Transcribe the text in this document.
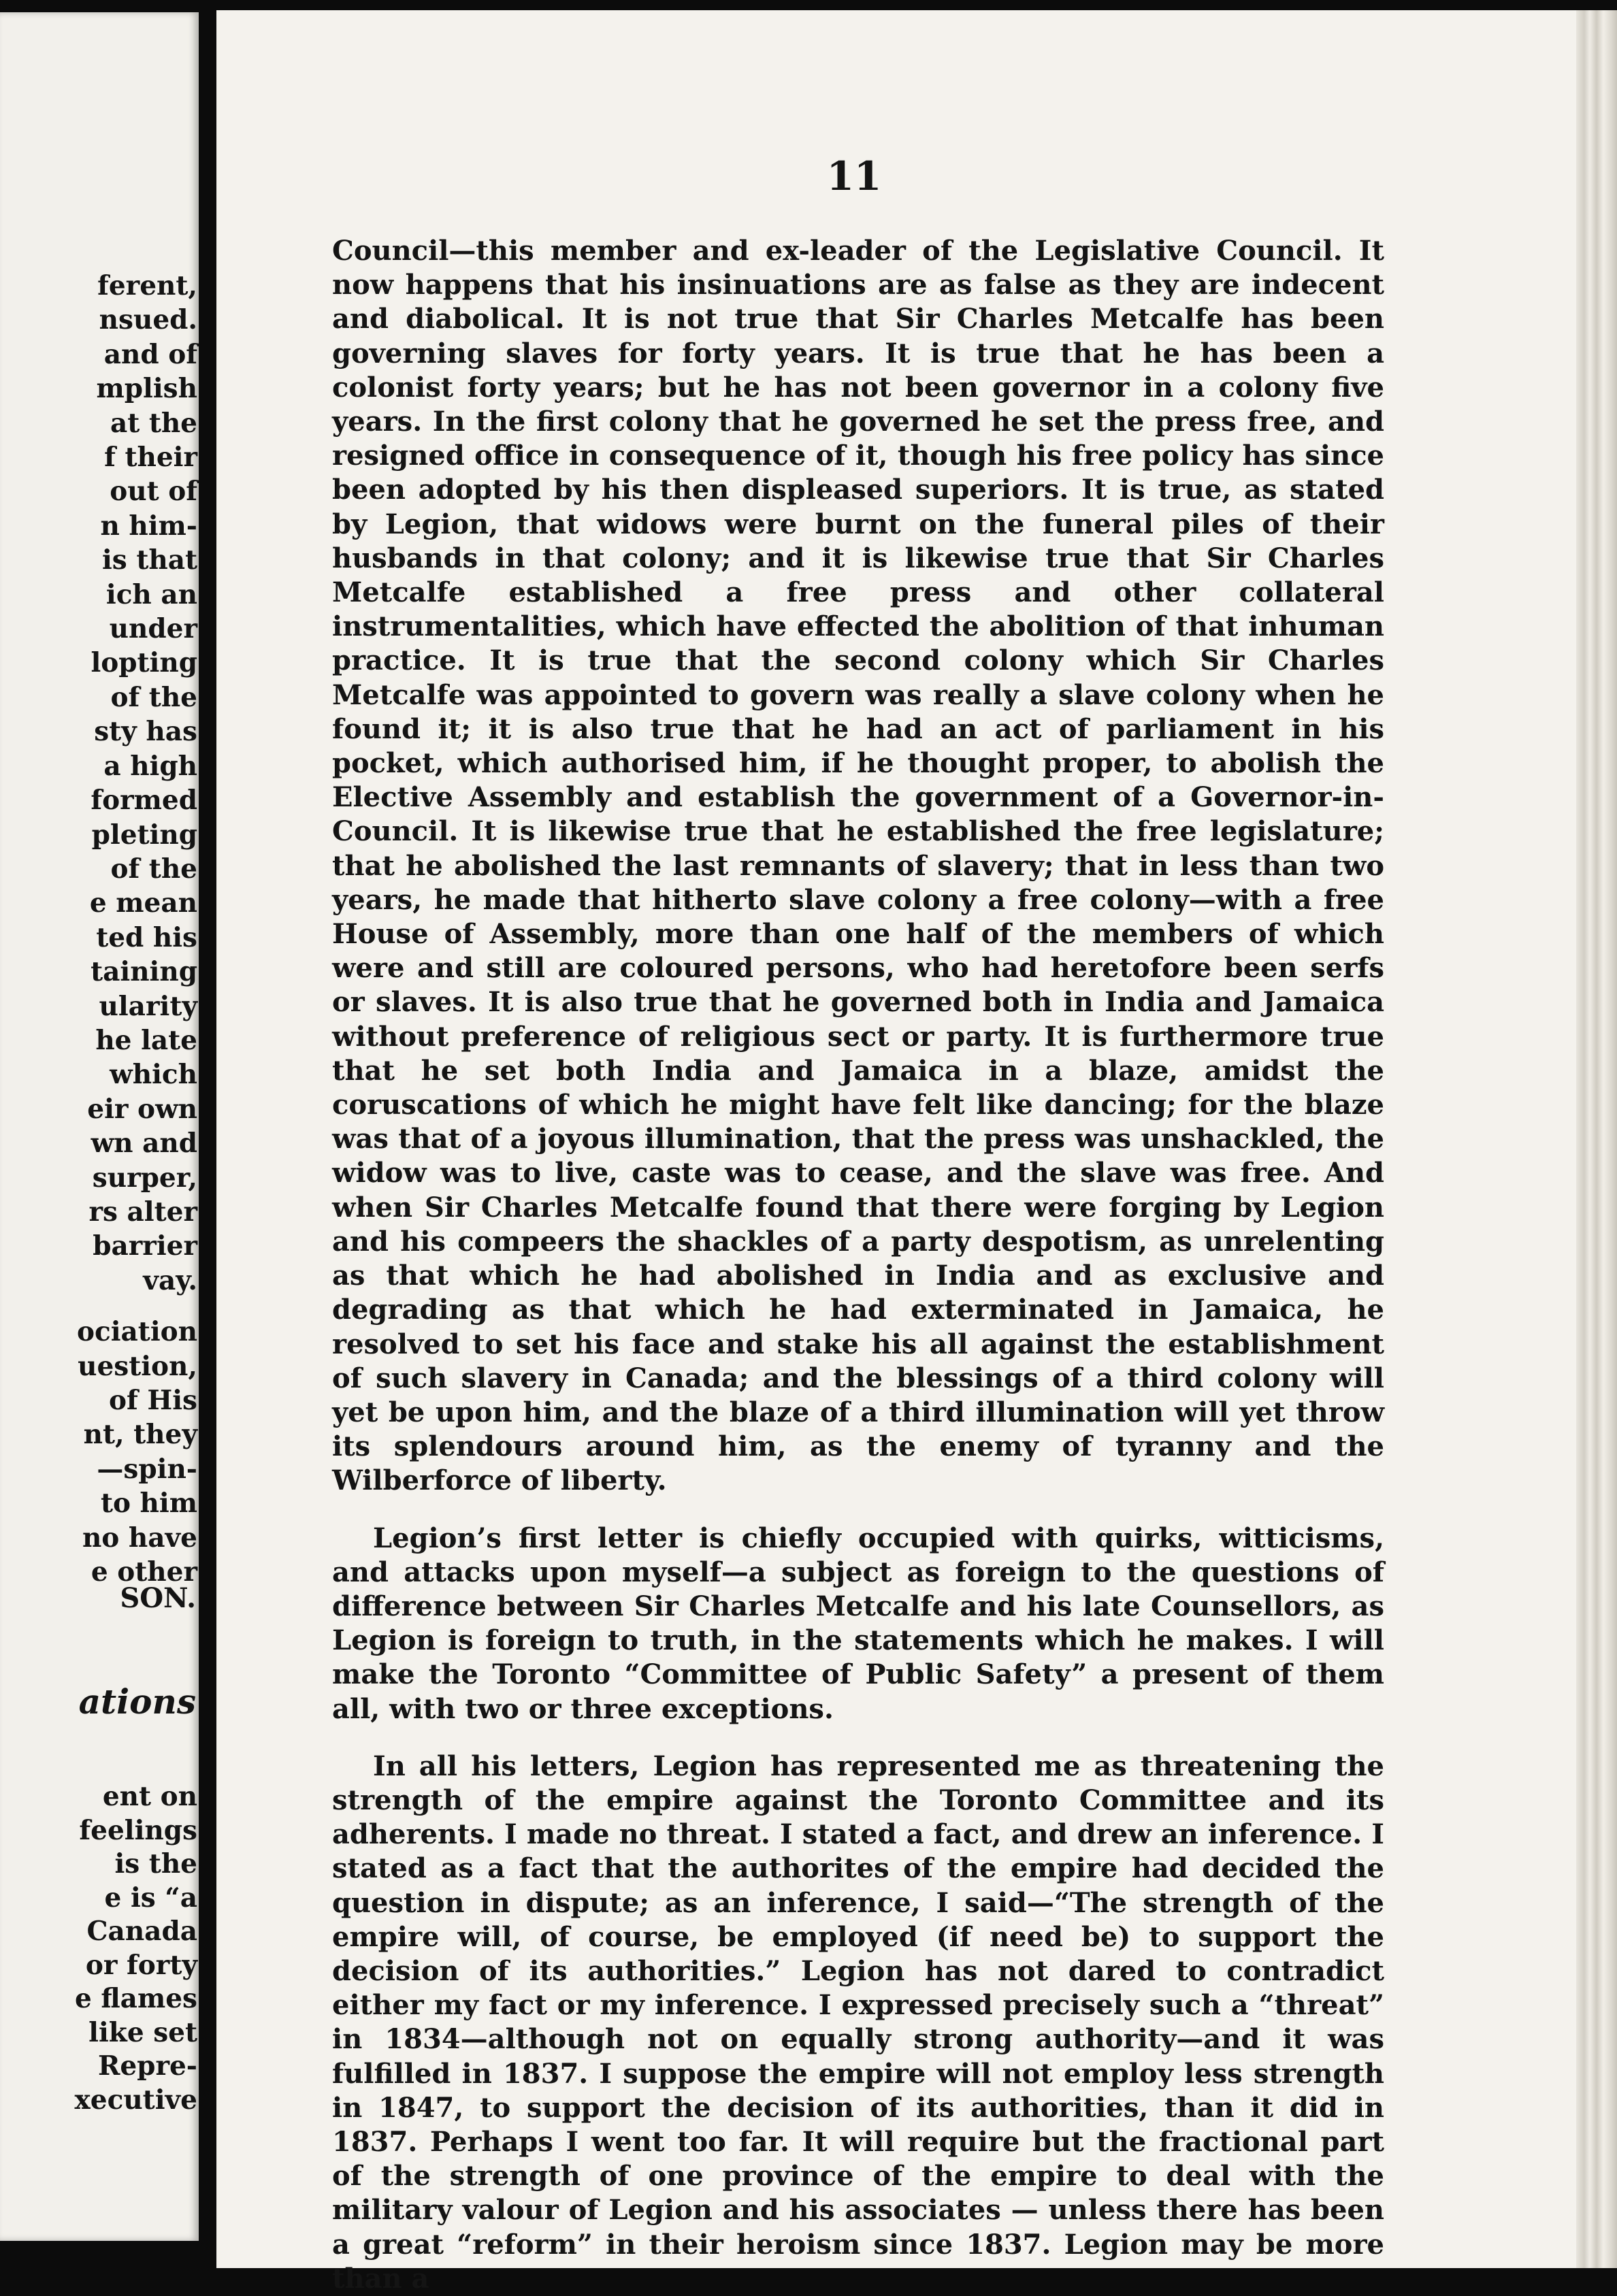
ferent,
nsued.
and of
mplish
at the
f their
out of
n him-
is that
ich an
under
lopting
of the
sty has
a high
formed
pleting
of the
e mean
ted his
taining
ularity
he late
which
eir own
wn and
surper,
rs alter
barrier
vay.
ociation
uestion,
of His
nt, they
—spin-
to him
no have
e other
SON.
ations
ent on
feelings
is the
e is “a
Canada
or forty
e flames
like set
Repre-
xecutive
11

Council—this member and ex-leader of the Legislative Council. It now happens that his insinuations are as false as they are indecent and diabolical. It is not true that Sir Charles Metcalfe has been governing slaves for forty years. It is true that he has been a colonist forty years; but he has not been governor in a colony five years. In the first colony that he governed he set the press free, and resigned office in consequence of it, though his free policy has since been adopted by his then displeased superiors. It is true, as stated by Legion, that widows were burnt on the funeral piles of their husbands in that colony; and it is likewise true that Sir Charles Metcalfe established a free press and other collateral instrumentalities, which have effected the abolition of that inhuman practice. It is true that the second colony which Sir Charles Metcalfe was appointed to govern was really a slave colony when he found it; it is also true that he had an act of parliament in his pocket, which authorised him, if he thought proper, to abolish the Elective Assembly and establish the government of a Governor-in-Council. It is likewise true that he established the free legislature; that he abolished the last remnants of slavery; that in less than two years, he made that hitherto slave colony a free colony—with a free House of Assembly, more than one half of the members of which were and still are coloured persons, who had heretofore been serfs or slaves. It is also true that he governed both in India and Jamaica without preference of religious sect or party. It is furthermore true that he set both India and Jamaica in a blaze, amidst the coruscations of which he might have felt like dancing; for the blaze was that of a joyous illumination, that the press was unshackled, the widow was to live, caste was to cease, and the slave was free. And when Sir Charles Metcalfe found that there were forging by Legion and his compeers the shackles of a party despotism, as unrelenting as that which he had abolished in India and as exclusive and degrading as that which he had exterminated in Jamaica, he resolved to set his face and stake his all against the establishment of such slavery in Canada; and the blessings of a third colony will yet be upon him, and the blaze of a third illumination will yet throw its splendours around him, as the enemy of tyranny and the Wilberforce of liberty.

Legion’s first letter is chiefly occupied with quirks, witticisms, and attacks upon myself—a subject as foreign to the questions of difference between Sir Charles Metcalfe and his late Counsellors, as Legion is foreign to truth, in the statements which he makes. I will make the Toronto “Committee of Public Safety” a present of them all, with two or three exceptions.

In all his letters, Legion has represented me as threatening the strength of the empire against the Toronto Committee and its adherents. I made no threat. I stated a fact, and drew an inference. I stated as a fact that the authorites of the empire had decided the question in dispute; as an inference, I said—“The strength of the empire will, of course, be employed (if need be) to support the decision of its authorities.” Legion has not dared to contradict either my fact or my inference. I expressed precisely such a “threat” in 1834—although not on equally strong authority—and it was fulfilled in 1837. I suppose the empire will not employ less strength in 1847, to support the decision of its authorities, than it did in 1837. Perhaps I went too far. It will require but the fractional part of the strength of one province of the empire to deal with the military valour of Legion and his associates — unless there has been a great “reform” in their heroism since 1837. Legion may be more than a
